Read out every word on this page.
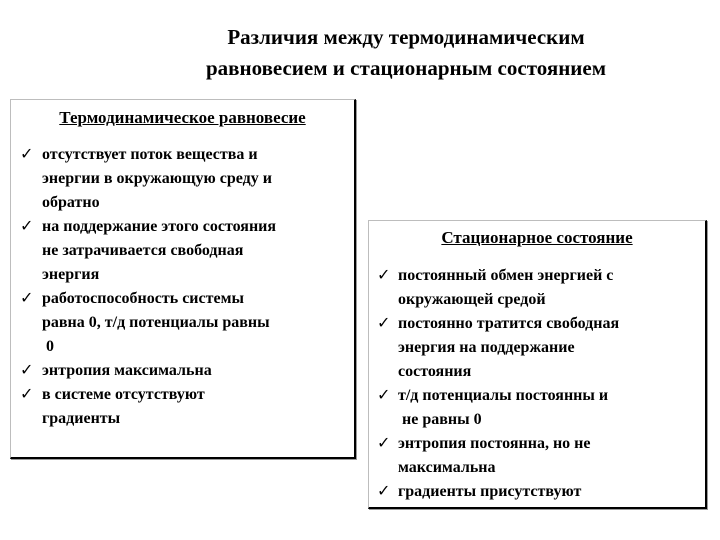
Различия между термодинамическим
равновесием и стационарным состоянием
Термодинамическое равновесие
✓ отсутствует поток вещества и
энергии в окружающую среду и
обратно
✓ на поддержание этого состояния
не затрачивается свободная
энергия
✓ работоспособность системы
равна 0, т/д потенциалы равны
0
✓ энтропия максимальна
✓ в системе отсутствуют
градиенты
Стационарное состояние
✓ постоянный обмен энергией с
окружающей средой
✓ постоянно тратится свободная
энергия на поддержание
состояния
✓ т/д потенциалы постоянны и
не равны 0
✓ энтропия постоянна, но не
максимальна
✓ градиенты присутствуют
